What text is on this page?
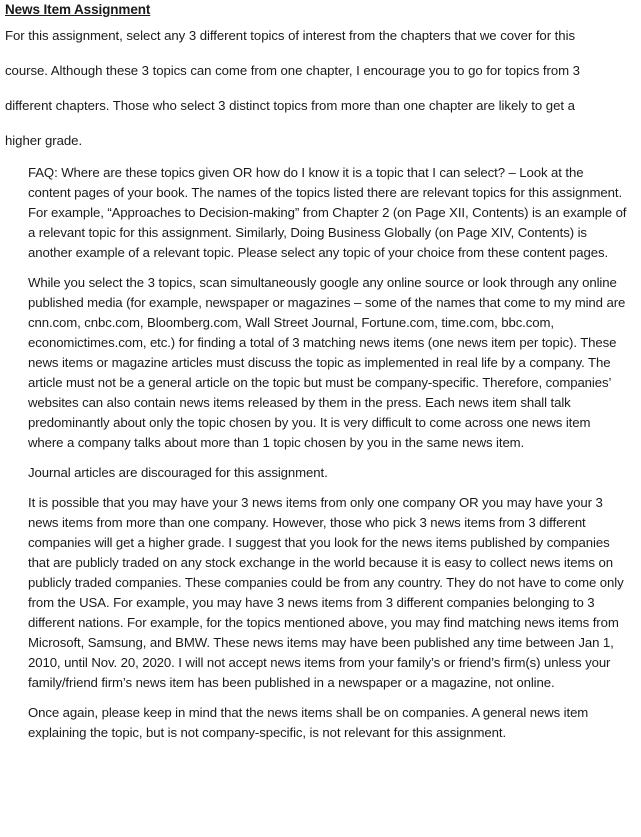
News Item Assignment

For this assignment, select any 3 different topics of interest from the chapters that we cover for this course. Although these 3 topics can come from one chapter, I encourage you to go for topics from 3 different chapters. Those who select 3 distinct topics from more than one chapter are likely to get a higher grade.

FAQ: Where are these topics given OR how do I know it is a topic that I can select? – Look at the content pages of your book. The names of the topics listed there are relevant topics for this assignment. For example, “Approaches to Decision-making” from Chapter 2 (on Page XII, Contents) is an example of a relevant topic for this assignment. Similarly, Doing Business Globally (on Page XIV, Contents) is another example of a relevant topic. Please select any topic of your choice from these content pages.

While you select the 3 topics, scan simultaneously google any online source or look through any online published media (for example, newspaper or magazines – some of the names that come to my mind are cnn.com, cnbc.com, Bloomberg.com, Wall Street Journal, Fortune.com, time.com, bbc.com, economictimes.com, etc.) for finding a total of 3 matching news items (one news item per topic). These news items or magazine articles must discuss the topic as implemented in real life by a company. The article must not be a general article on the topic but must be company-specific. Therefore, companies’ websites can also contain news items released by them in the press. Each news item shall talk predominantly about only the topic chosen by you. It is very difficult to come across one news item where a company talks about more than 1 topic chosen by you in the same news item.

Journal articles are discouraged for this assignment.

It is possible that you may have your 3 news items from only one company OR you may have your 3 news items from more than one company. However, those who pick 3 news items from 3 different companies will get a higher grade. I suggest that you look for the news items published by companies that are publicly traded on any stock exchange in the world because it is easy to collect news items on publicly traded companies. These companies could be from any country. They do not have to come only from the USA. For example, you may have 3 news items from 3 different companies belonging to 3 different nations. For example, for the topics mentioned above, you may find matching news items from Microsoft, Samsung, and BMW. These news items may have been published any time between Jan 1, 2010, until Nov. 20, 2020. I will not accept news items from your family’s or friend’s firm(s) unless your family/friend firm’s news item has been published in a newspaper or a magazine, not online.

Once again, please keep in mind that the news items shall be on companies. A general news item explaining the topic, but is not company-specific, is not relevant for this assignment.
